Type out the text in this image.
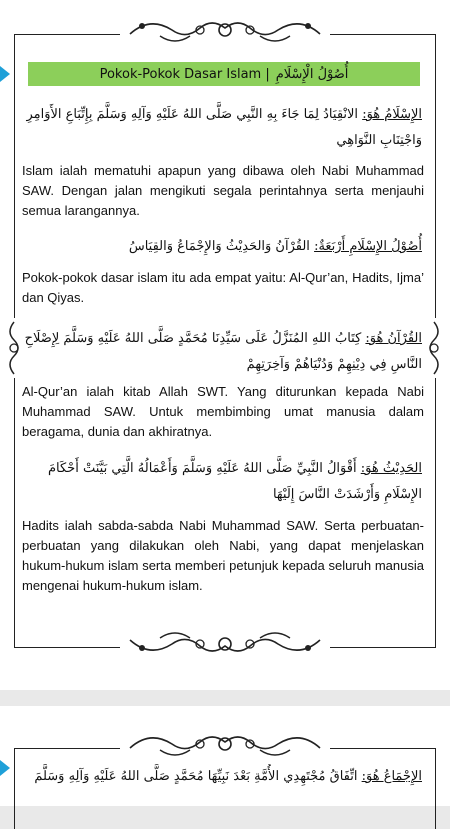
Pokok-Pokok Dasar Islam | أُصُوْلُ الْإِسْلَامِ
الإِسْلَامُ هُوَ: الانْقِيَادُ لِمَا جَاءَ بِهِ النَّبِي صَلَّى اللهُ عَلَيْهِ وَآلِهِ وَسَلَّمَ بِإِتِّبَاعِ الأَوَامِرِ وَاجْتِنَابِ النَّوَاهِي
Islam ialah mematuhi apapun yang dibawa oleh Nabi Muhammad SAW. Dengan jalan mengikuti segala perintahnya serta menjauhi semua larangannya.
أُصُوْلُ الإِسْلَامِ أَرْبَعَةٌ: القُرْآنُ وَالحَدِيْثُ وَالإِجْمَاعُ وَالقِيَاسُ
Pokok-pokok dasar islam itu ada empat yaitu: Al-Qur’an, Hadits, Ijma’ dan Qiyas.
القُرْآنُ هُوَ: كِتَابُ اللهِ المُنَزَّلُ عَلَى سَيِّدِنَا مُحَمَّدٍ صَلَّى اللهُ عَلَيْهِ وَسَلَّمَ لِإِصْلَاحِ النَّاسِ فِي دِيْنِهِمْ وَدُنْيَاهُمْ وَآخِرَتِهِمْ
Al-Qur’an ialah kitab Allah SWT. Yang diturunkan kepada Nabi Muhammad SAW. Untuk membimbing umat manusia dalam beragama, dunia dan akhiratnya.
الحَدِيْثُ هُوَ: أَقْوَالُ النَّبِيِّ صَلَّى اللهُ عَلَيْهِ وَسَلَّمَ وَأَعْمَالُهُ الَّتِي بَيَّنَتْ أَحْكَامَ الإِسْلَامِ وَأَرْشَدَتْ النَّاسَ إِلَيْهَا
Hadits ialah sabda-sabda Nabi Muhammad SAW. Serta perbuatan-perbuatan yang dilakukan oleh Nabi, yang dapat menjelaskan hukum-hukum islam serta memberi petunjuk kepada seluruh manusia mengenai hukum-hukum islam.
الإِجْمَاعُ هُوَ: اتِّفَاقُ مُجْتَهِدِي الأُمَّةِ بَعْدَ نَبِيِّهَا مُحَمَّدٍ صَلَّى اللهُ عَلَيْهِ وَآلِهِ وَسَلَّمَ
